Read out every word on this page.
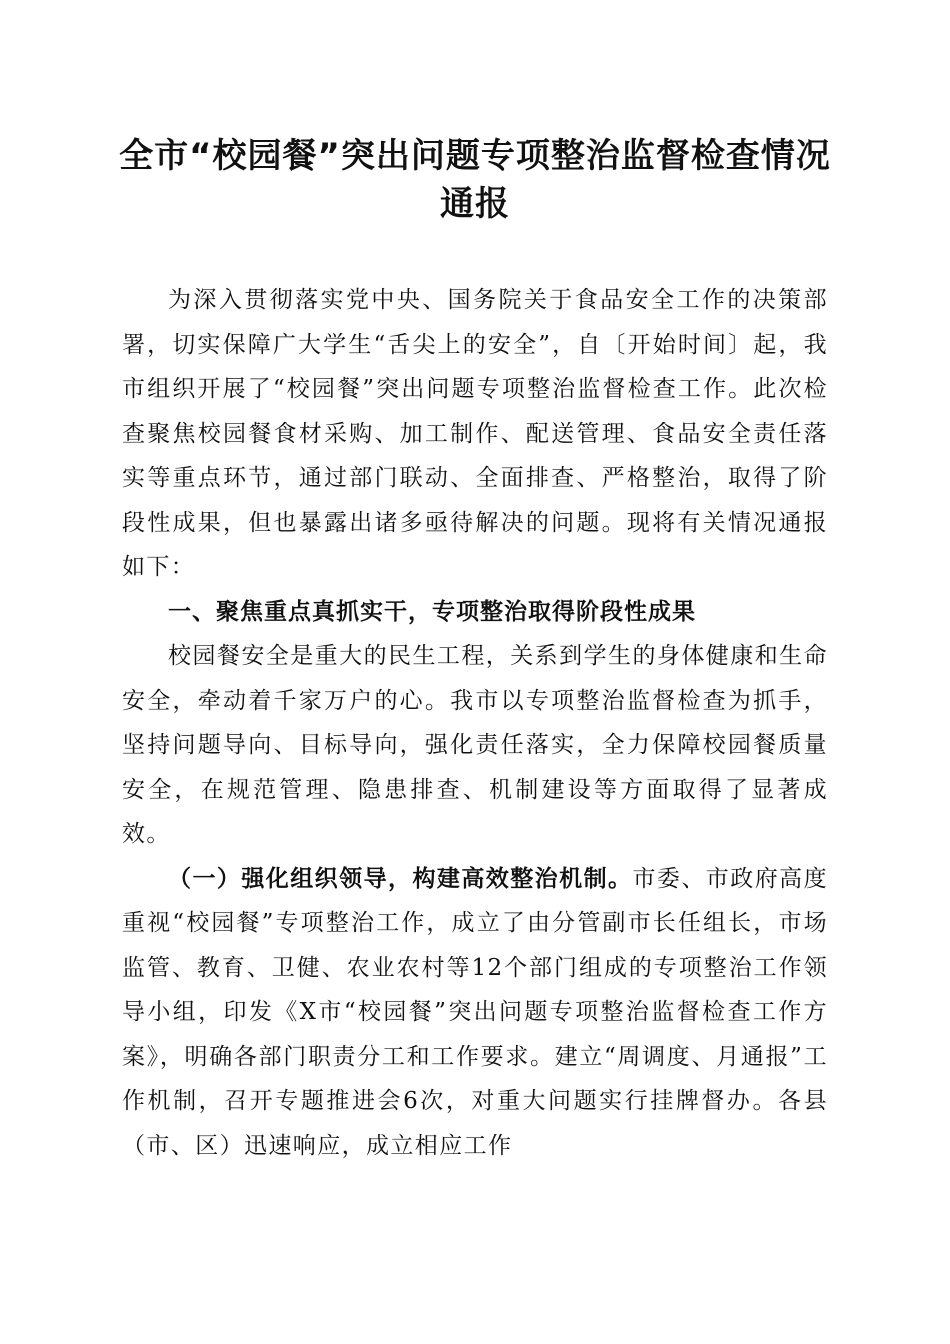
全市“校园餐”突出问题专项整治监督检查情况通报

为深入贯彻落实党中央、国务院关于食品安全工作的决策部署，切实保障广大学生“舌尖上的安全”，自〔开始时间〕起，我市组织开展了“校园餐”突出问题专项整治监督检查工作。此次检查聚焦校园餐食材采购、加工制作、配送管理、食品安全责任落实等重点环节，通过部门联动、全面排查、严格整治，取得了阶段性成果，但也暴露出诸多亟待解决的问题。现将有关情况通报如下：

一、聚焦重点真抓实干，专项整治取得阶段性成果

校园餐安全是重大的民生工程，关系到学生的身体健康和生命安全，牵动着千家万户的心。我市以专项整治监督检查为抓手，坚持问题导向、目标导向，强化责任落实，全力保障校园餐质量安全，在规范管理、隐患排查、机制建设等方面取得了显著成效。

（一）强化组织领导，构建高效整治机制。市委、市政府高度重视“校园餐”专项整治工作，成立了由分管副市长任组长，市场监管、教育、卫健、农业农村等12个部门组成的专项整治工作领导小组，印发《X市“校园餐”突出问题专项整治监督检查工作方案》，明确各部门职责分工和工作要求。建立“周调度、月通报”工作机制，召开专题推进会6次，对重大问题实行挂牌督办。各县（市、区）迅速响应，成立相应工作
